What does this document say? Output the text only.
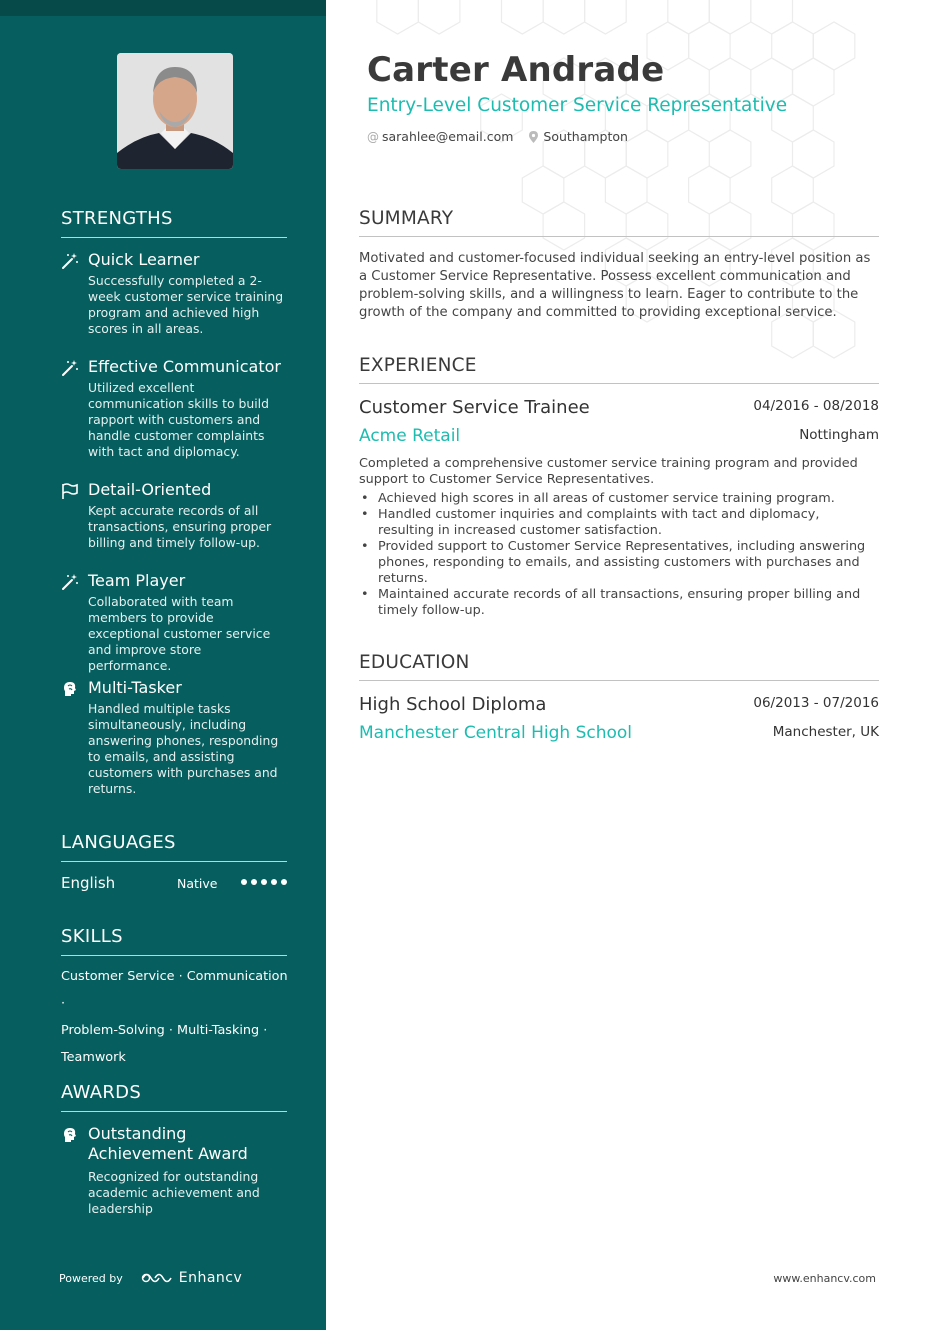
STRENGTHS
Quick Learner
Successfully completed a 2-week customer service training program and achieved high scores in all areas.
Effective Communicator
Utilized excellent communication skills to build rapport with customers and handle customer complaints with tact and diplomacy.
Detail-Oriented
Kept accurate records of all transactions, ensuring proper billing and timely follow-up.
Team Player
Collaborated with team members to provide exceptional customer service and improve store performance.
Multi-Tasker
Handled multiple tasks simultaneously, including answering phones, responding to emails, and assisting customers with purchases and returns.
LANGUAGES
English	Native
SKILLS
Customer Service · Communication ·
Problem-Solving · Multi-Tasking ·
Teamwork
AWARDS
Outstanding Achievement Award
Recognized for outstanding academic achievement and leadership
Powered by	Enhancv
Carter Andrade
Entry-Level Customer Service Representative
@ sarahlee@email.com Southampton
SUMMARY
Motivated and customer-focused individual seeking an entry-level position as a Customer Service Representative. Possess excellent communication and problem-solving skills, and a willingness to learn. Eager to contribute to the growth of the company and committed to providing exceptional service.
EXPERIENCE
Customer Service Trainee	04/2016 - 08/2018
Acme Retail	Nottingham
Completed a comprehensive customer service training program and provided support to Customer Service Representatives.
• Achieved high scores in all areas of customer service training program.
• Handled customer inquiries and complaints with tact and diplomacy, resulting in increased customer satisfaction.
• Provided support to Customer Service Representatives, including answering phones, responding to emails, and assisting customers with purchases and returns.
• Maintained accurate records of all transactions, ensuring proper billing and timely follow-up.
EDUCATION
High School Diploma	06/2013 - 07/2016
Manchester Central High School	Manchester, UK
www.enhancv.com
